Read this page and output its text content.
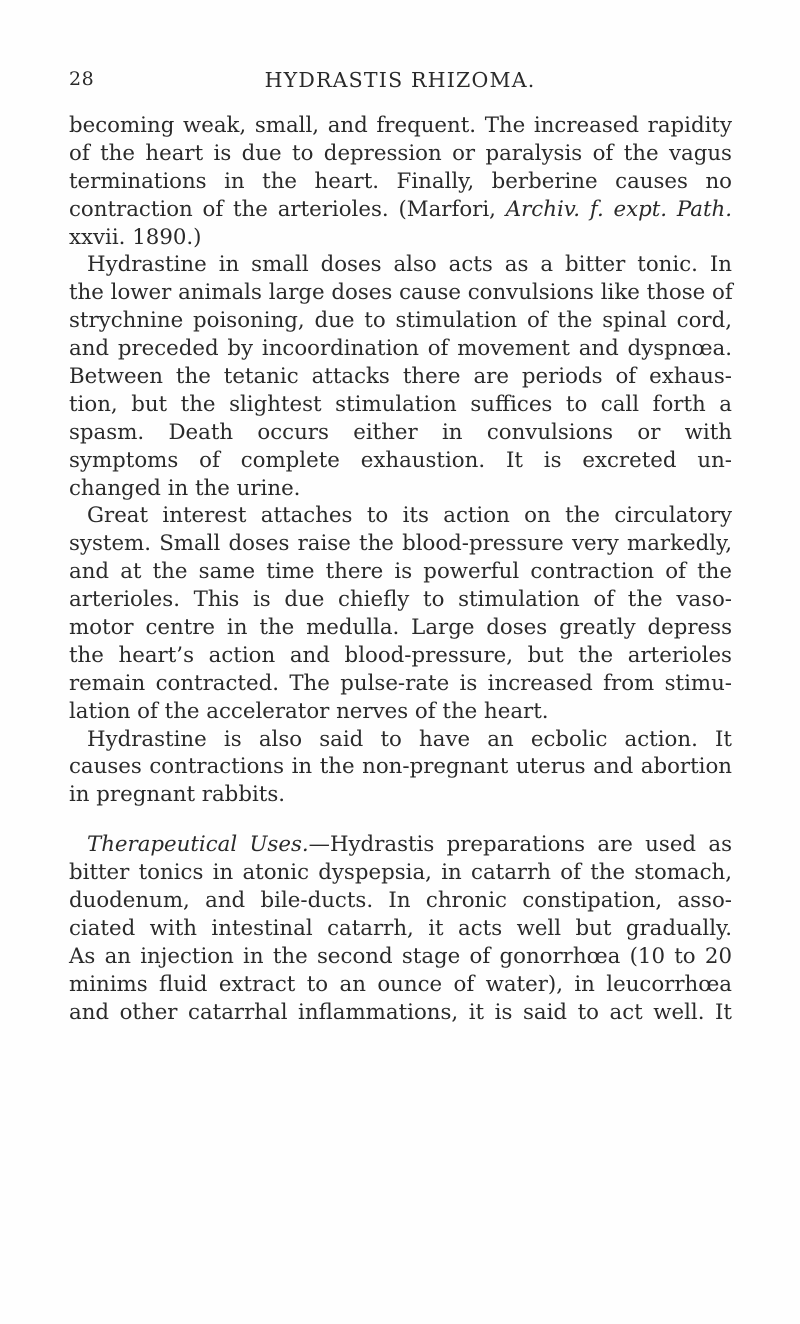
28	HYDRASTIS RHIZOMA.
becoming weak, small, and frequent. The increased rapidity
of the heart is due to depression or paralysis of the vagus
terminations in the heart. Finally, berberine causes no
contraction of the arterioles. (Marfori, Archiv. f. expt. Path.
xxvii. 1890.)
Hydrastine in small doses also acts as a bitter tonic. In
the lower animals large doses cause convulsions like those of
strychnine poisoning, due to stimulation of the spinal cord,
and preceded by incoordination of movement and dyspnœa.
Between the tetanic attacks there are periods of exhaus-
tion, but the slightest stimulation suffices to call forth a
spasm. Death occurs either in convulsions or with
symptoms of complete exhaustion. It is excreted un-
changed in the urine.
Great interest attaches to its action on the circulatory
system. Small doses raise the blood-pressure very markedly,
and at the same time there is powerful contraction of the
arterioles. This is due chiefly to stimulation of the vaso-
motor centre in the medulla. Large doses greatly depress
the heart’s action and blood-pressure, but the arterioles
remain contracted. The pulse-rate is increased from stimu-
lation of the accelerator nerves of the heart.
Hydrastine is also said to have an ecbolic action. It
causes contractions in the non-pregnant uterus and abortion
in pregnant rabbits.
Therapeutical Uses.—Hydrastis preparations are used as
bitter tonics in atonic dyspepsia, in catarrh of the stomach,
duodenum, and bile-ducts. In chronic constipation, asso-
ciated with intestinal catarrh, it acts well but gradually.
As an injection in the second stage of gonorrhœa (10 to 20
minims fluid extract to an ounce of water), in leucorrhœa
and other catarrhal inflammations, it is said to act well. It
